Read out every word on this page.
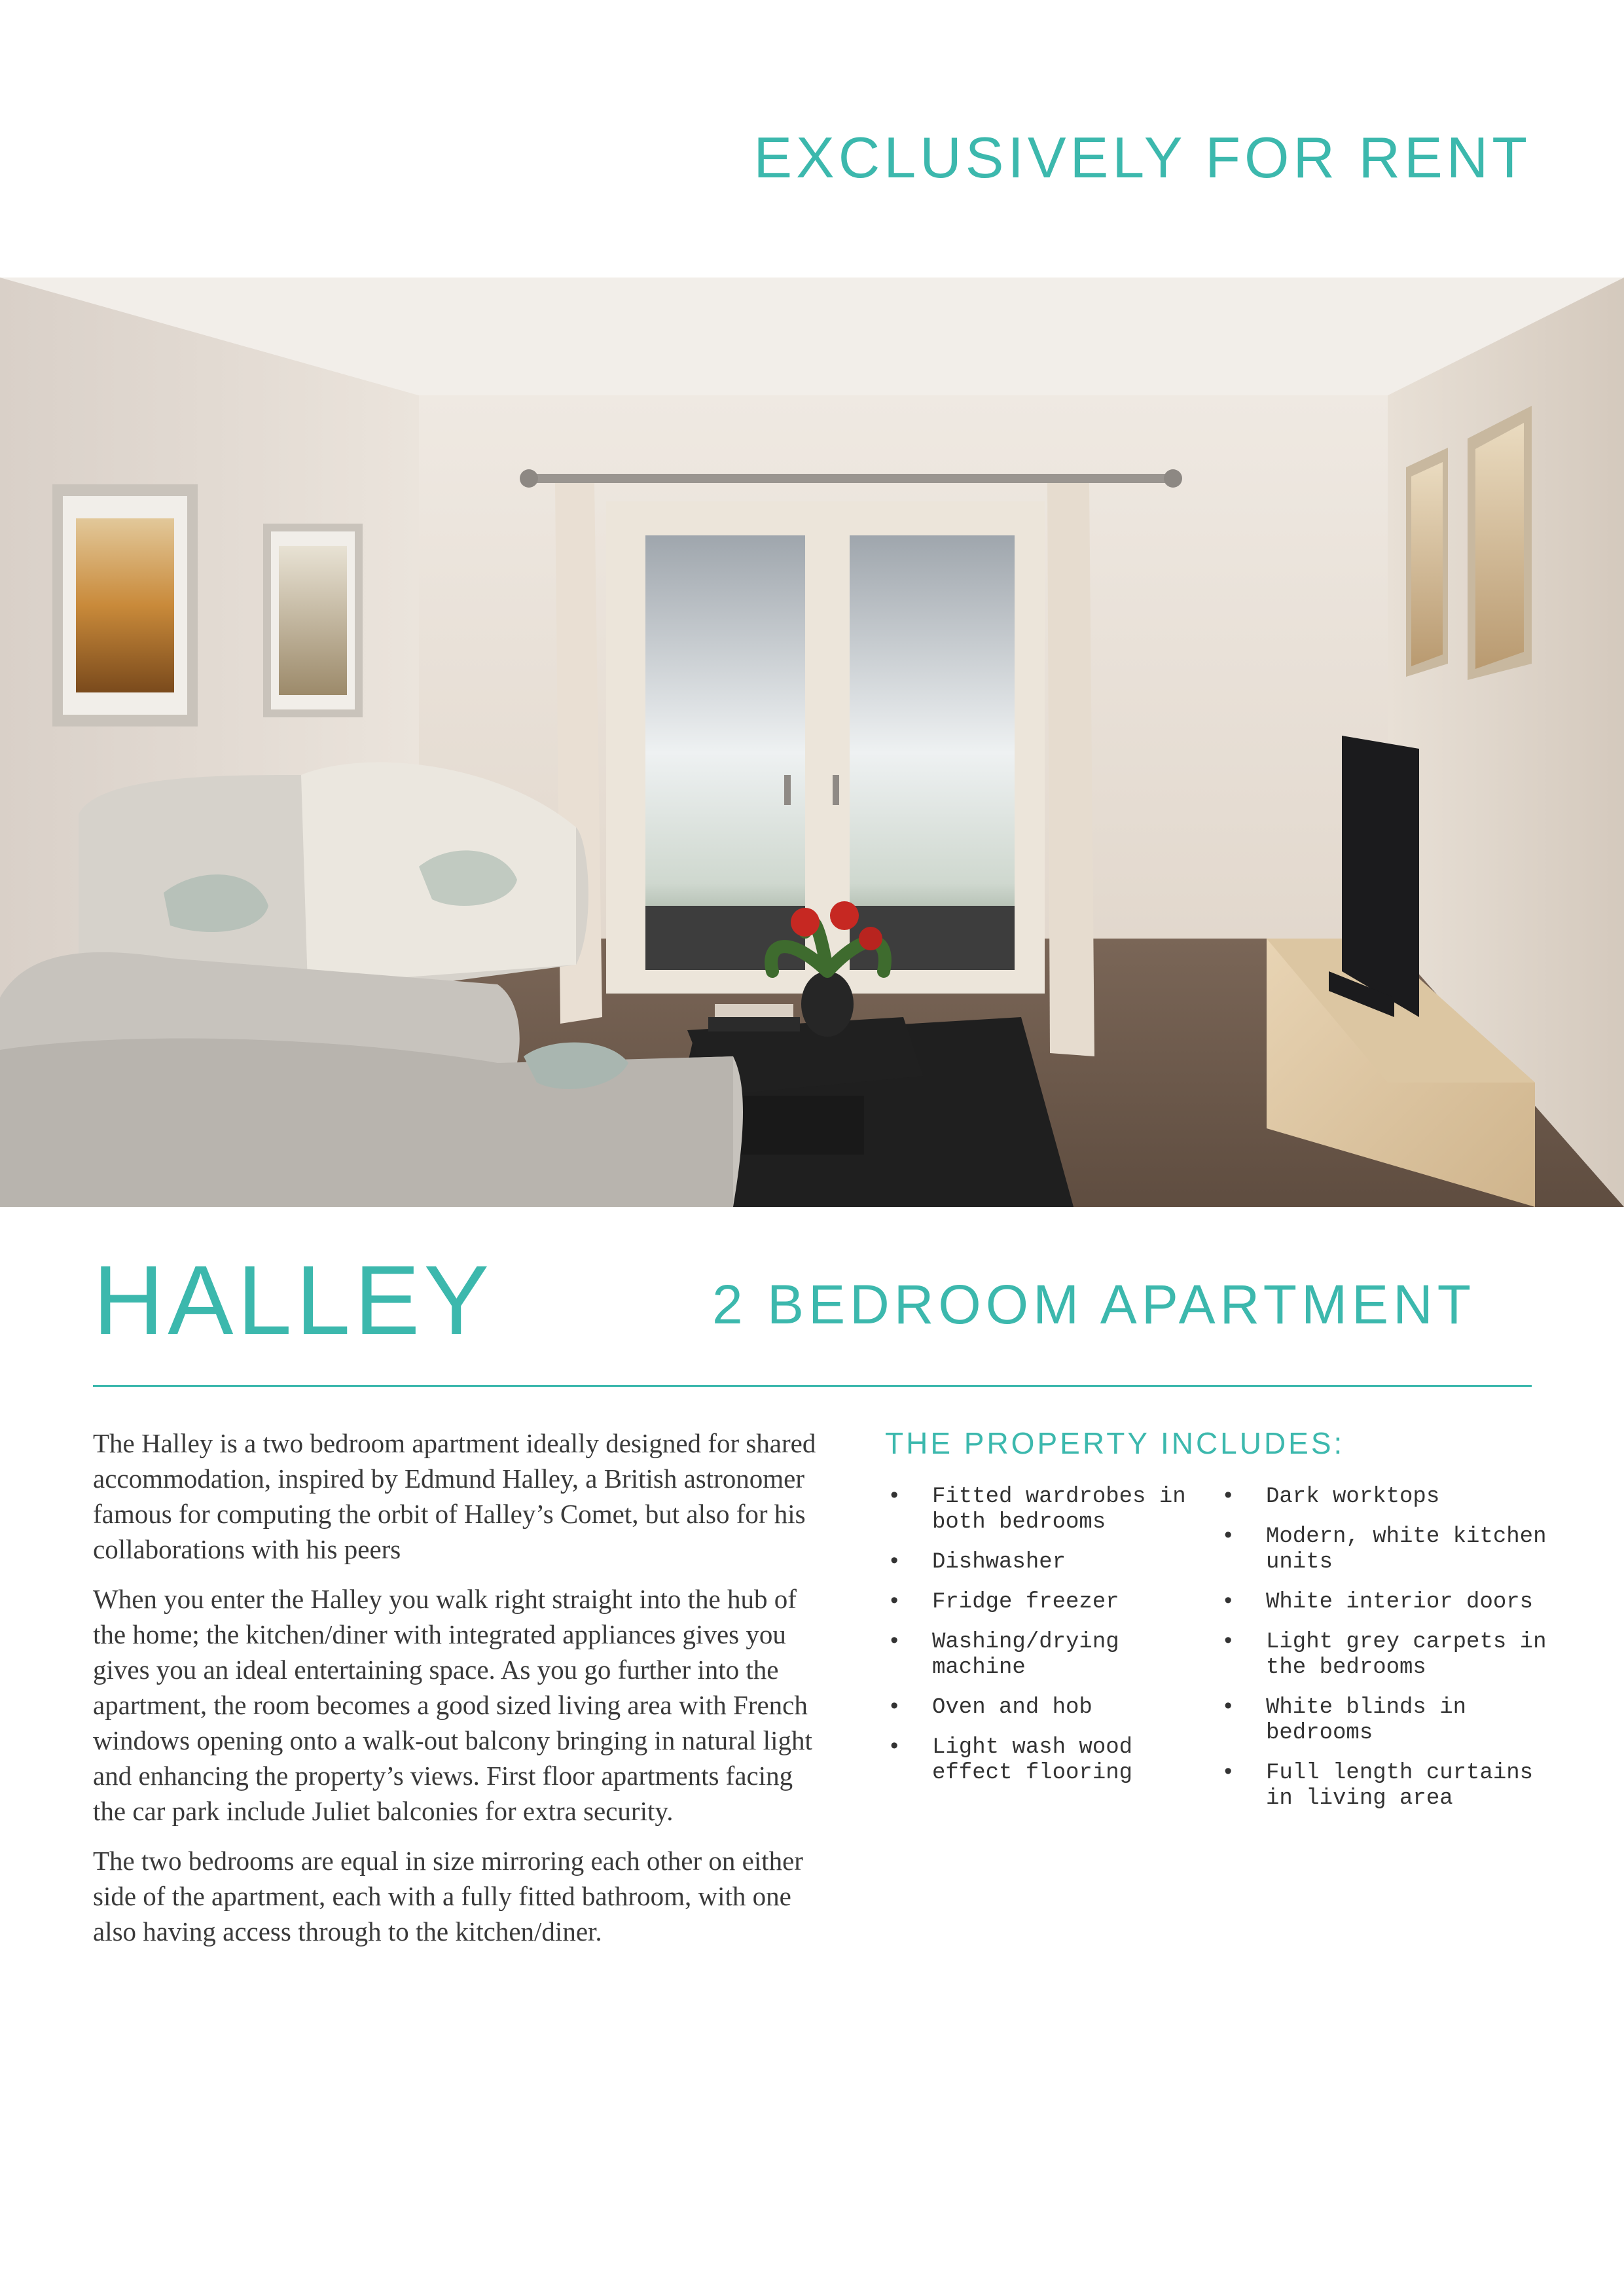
EXCLUSIVELY FOR RENT
HALLEY	2 BEDROOM APARTMENT

The Halley is a two bedroom apartment ideally designed for shared accommodation, inspired by Edmund Halley, a British astronomer famous for computing the orbit of Halley’s Comet, but also for his collaborations with his peers

When you enter the Halley you walk right straight into the hub of the home; the kitchen/diner with integrated appliances gives you gives you an ideal entertaining space. As you go further into the apartment, the room becomes a good sized living area with French windows opening onto a walk-out balcony bringing in natural light and enhancing the property’s views. First floor apartments facing the car park include Juliet balconies for extra security.

The two bedrooms are equal in size mirroring each other on either side of the apartment, each with a fully fitted bathroom, with one also having access through to the kitchen/diner.

THE PROPERTY INCLUDES:
• Fitted wardrobes in both bedrooms
• Dishwasher
• Fridge freezer
• Washing/drying machine
• Oven and hob
• Light wash wood effect flooring
• Dark worktops
• Modern, white kitchen units
• White interior doors
• Light grey carpets in the bedrooms
• White blinds in bedrooms
• Full length curtains in living area
